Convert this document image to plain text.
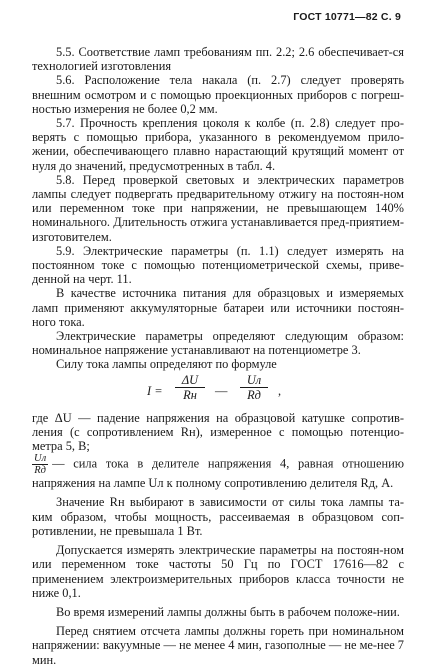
ГОСТ 10771—82 С. 9

5.5. Соответствие ламп требованиям пп. 2.2; 2.6 обеспечивает-ся технологией изготовления

5.6. Расположение тела накала (п. 2.7) следует проверять внешним осмотром и с помощью проекционных приборов с погреш-ностью измерения не более 0,2 мм.

5.7. Прочность крепления цоколя к колбе (п. 2.8) следует про-верять с помощью прибора, указанного в рекомендуемом прило-жении, обеспечивающего плавно нарастающий крутящий момент от нуля до значений, предусмотренных в табл. 4.

5.8. Перед проверкой световых и электрических параметров лампы следует подвергать предварительному отжигу на постоян-ном или переменном токе при напряжении, не превышающем 140% номинального. Длительность отжига устанавливается пред-приятием-изготовителем.

5.9. Электрические параметры (п. 1.1) следует измерять на постоянном токе с помощью потенциометрической схемы, приве-денной на черт. 11.

В качестве источника питания для образцовых и измеряемых ламп применяют аккумуляторные батареи или источники постоян-ного тока.

Электрические параметры определяют следующим образом: номинальное напряжение устанавливают на потенциометре 3.

Силу тока лампы определяют по формуле

I =
ΔU
Rн	—
Uл
Rд	,

где ΔU — падение напряжения на образцовой катушке сопротив-ления (с сопротивлением Rн), измеренное с помощью потенцио-метра 5, В;

$\frac{Uл}{Rд}$ — сила тока в делителе напряжения 4, равная отношению напряжения на лампе Uл к полному сопротивлению делителя Rд, А.

Значение Rн выбирают в зависимости от силы тока лампы та-ким образом, чтобы мощность, рассеиваемая в образцовом соп-ротивлении, не превышала 1 Вт.

Допускается измерять электрические параметры на постоян-ном или переменном токе частоты 50 Гц по ГОСТ 17616—82 с применением электроизмерительных приборов класса точности не ниже 0,1.

Во время измерений лампы должны быть в рабочем положе-нии.

Перед снятием отсчета лампы должны гореть при номинальном напряжении: вакуумные — не менее 4 мин, газополные — не ме-нее 7 мин.
